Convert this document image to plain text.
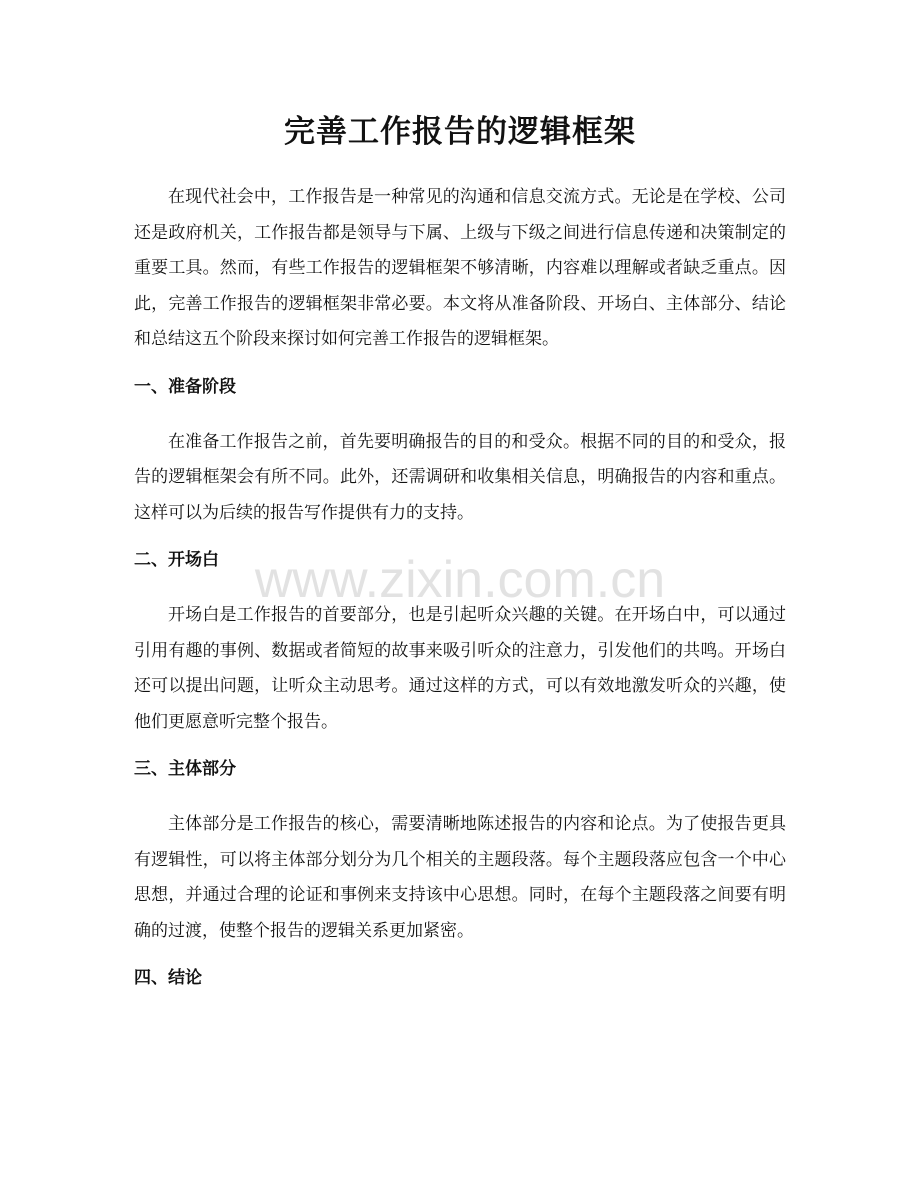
完善工作报告的逻辑框架

在现代社会中，工作报告是一种常见的沟通和信息交流方式。无论是在学校、公司还是政府机关，工作报告都是领导与下属、上级与下级之间进行信息传递和决策制定的重要工具。然而，有些工作报告的逻辑框架不够清晰，内容难以理解或者缺乏重点。因此，完善工作报告的逻辑框架非常必要。本文将从准备阶段、开场白、主体部分、结论和总结这五个阶段来探讨如何完善工作报告的逻辑框架。

一、准备阶段

在准备工作报告之前，首先要明确报告的目的和受众。根据不同的目的和受众，报告的逻辑框架会有所不同。此外，还需调研和收集相关信息，明确报告的内容和重点。这样可以为后续的报告写作提供有力的支持。

二、开场白

开场白是工作报告的首要部分，也是引起听众兴趣的关键。在开场白中，可以通过引用有趣的事例、数据或者简短的故事来吸引听众的注意力，引发他们的共鸣。开场白还可以提出问题，让听众主动思考。通过这样的方式，可以有效地激发听众的兴趣，使他们更愿意听完整个报告。

三、主体部分

主体部分是工作报告的核心，需要清晰地陈述报告的内容和论点。为了使报告更具有逻辑性，可以将主体部分划分为几个相关的主题段落。每个主题段落应包含一个中心思想，并通过合理的论证和事例来支持该中心思想。同时，在每个主题段落之间要有明确的过渡，使整个报告的逻辑关系更加紧密。

四、结论
www.zixin.com.cn
